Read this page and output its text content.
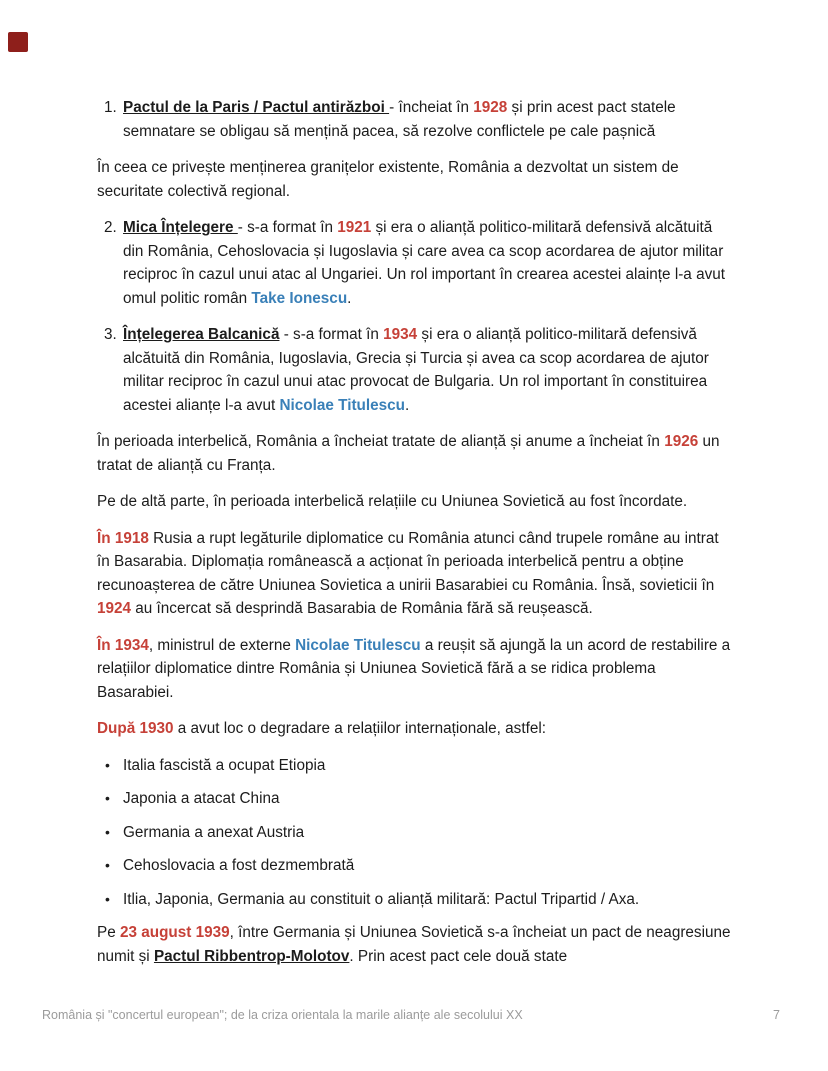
1. Pactul de la Paris / Pactul antirăzboi - încheiat în 1928 și prin acest pact statele semnatare se obligau să mențină pacea, să rezolve conflictele pe cale pașnică

În ceea ce privește menținerea granițelor existente, România a dezvoltat un sistem de securitate colectivă regional.

2. Mica Înțelegere - s-a format în 1921 și era o alianță politico-militară defensivă alcătuită din România, Cehoslovacia și Iugoslavia și care avea ca scop acordarea de ajutor militar reciproc în cazul unui atac al Ungariei. Un rol important în crearea acestei alaințe l-a avut omul politic român Take Ionescu.
3. Înțelegerea Balcanică - s-a format în 1934 și era o alianță politico-militară defensivă alcătuită din România, Iugoslavia, Grecia și Turcia și avea ca scop acordarea de ajutor militar reciproc în cazul unui atac provocat de Bulgaria. Un rol important în constituirea acestei alianțe l-a avut Nicolae Titulescu.

În perioada interbelică, România a încheiat tratate de alianță și anume a încheiat în 1926 un tratat de alianță cu Franța.

Pe de altă parte, în perioada interbelică relațiile cu Uniunea Sovietică au fost încordate.

În 1918 Rusia a rupt legăturile diplomatice cu România atunci când trupele române au intrat în Basarabia. Diplomația românească a acționat în perioada interbelică pentru a obține recunoașterea de către Uniunea Sovietica a unirii Basarabiei cu România. Însă, sovieticii în 1924 au încercat să desprindă Basarabia de România fără să reușească.

În 1934, ministrul de externe Nicolae Titulescu a reușit să ajungă la un acord de restabilire a relațiilor diplomatice dintre România și Uniunea Sovietică fără a se ridica problema Basarabiei.

După 1930 a avut loc o degradare a relațiilor internaționale, astfel:

• Italia fascistă a ocupat Etiopia
• Japonia a atacat China
• Germania a anexat Austria
• Cehoslovacia a fost dezmembrată
• Itlia, Japonia, Germania au constituit o alianță militară: Pactul Tripartid / Axa.

Pe 23 august 1939, între Germania și Uniunea Sovietică s-a încheiat un pact de neagresiune numit și Pactul Ribbentrop-Molotov. Prin acest pact cele două state

România și "concertul european"; de la criza orientala la marile alianțe ale secolului XX	7
